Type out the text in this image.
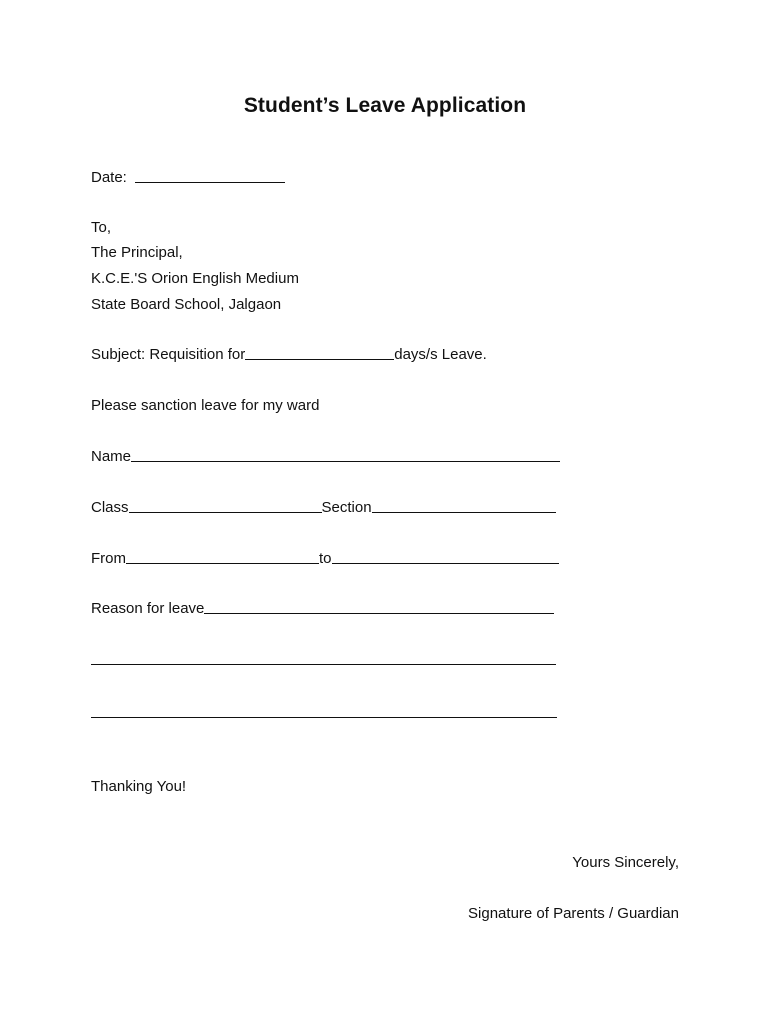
Student’s Leave Application
Date:
To,
The Principal,
K.C.E.'S Orion English Medium
State Board School, Jalgaon
Subject: Requisition for	days/s Leave.
Please sanction leave for my ward
Name
Class	Section
From	to
Reason for leave
Thanking You!
Yours Sincerely,
Signature of Parents / Guardian
